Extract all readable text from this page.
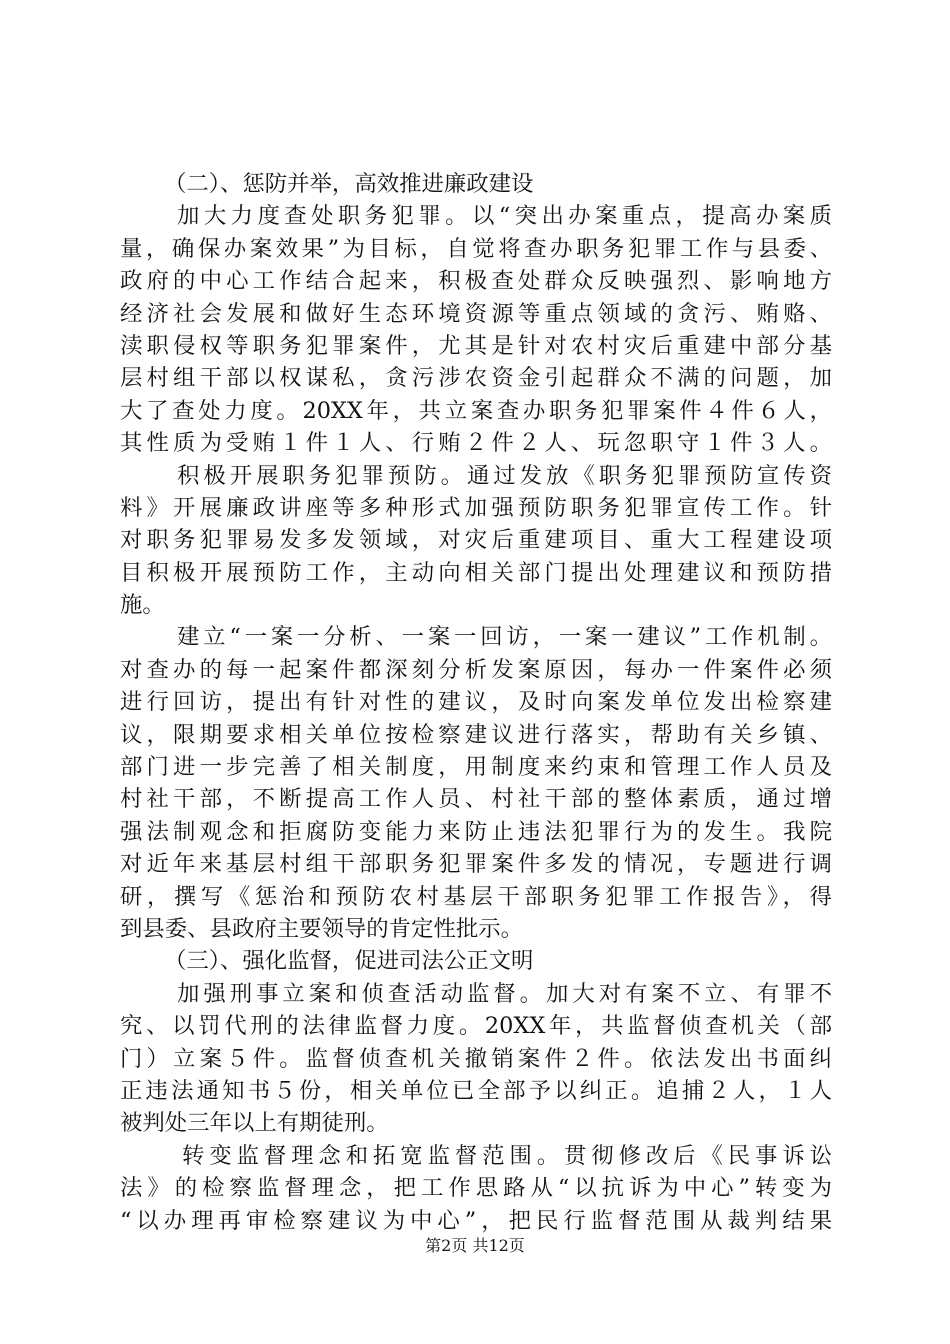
（二）、惩防并举，高效推进廉政建设
加大力度查处职务犯罪。以“突出办案重点，提高办案质
量，确保办案效果”为目标，自觉将查办职务犯罪工作与县委、
政府的中心工作结合起来，积极查处群众反映强烈、影响地方
经济社会发展和做好生态环境资源等重点领域的贪污、贿赂、
渎职侵权等职务犯罪案件，尤其是针对农村灾后重建中部分基
层村组干部以权谋私，贪污涉农资金引起群众不满的问题，加
大了查处力度。20XX年，共立案查办职务犯罪案件４件６人，
其性质为受贿１件１人、行贿２件２人、玩忽职守１件３人。
积极开展职务犯罪预防。通过发放《职务犯罪预防宣传资
料》开展廉政讲座等多种形式加强预防职务犯罪宣传工作。针
对职务犯罪易发多发领域，对灾后重建项目、重大工程建设项
目积极开展预防工作，主动向相关部门提出处理建议和预防措
施。
建立“一案一分析、一案一回访，一案一建议”工作机制。
对查办的每一起案件都深刻分析发案原因，每办一件案件必须
进行回访，提出有针对性的建议，及时向案发单位发出检察建
议，限期要求相关单位按检察建议进行落实，帮助有关乡镇、
部门进一步完善了相关制度，用制度来约束和管理工作人员及
村社干部，不断提高工作人员、村社干部的整体素质，通过增
强法制观念和拒腐防变能力来防止违法犯罪行为的发生。我院
对近年来基层村组干部职务犯罪案件多发的情况，专题进行调
研，撰写《惩治和预防农村基层干部职务犯罪工作报告》，得
到县委、县政府主要领导的肯定性批示。
（三）、强化监督，促进司法公正文明
加强刑事立案和侦查活动监督。加大对有案不立、有罪不
究、以罚代刑的法律监督力度。20XX年，共监督侦查机关（部
门）立案５件。监督侦查机关撤销案件２件。依法发出书面纠
正违法通知书５份，相关单位已全部予以纠正。追捕２人，１人
被判处三年以上有期徒刑。
转变监督理念和拓宽监督范围。贯彻修改后《民事诉讼
法》的检察监督理念，把工作思路从“以抗诉为中心”转变为
“以办理再审检察建议为中心”，把民行监督范围从裁判结果
第2页 共12页
